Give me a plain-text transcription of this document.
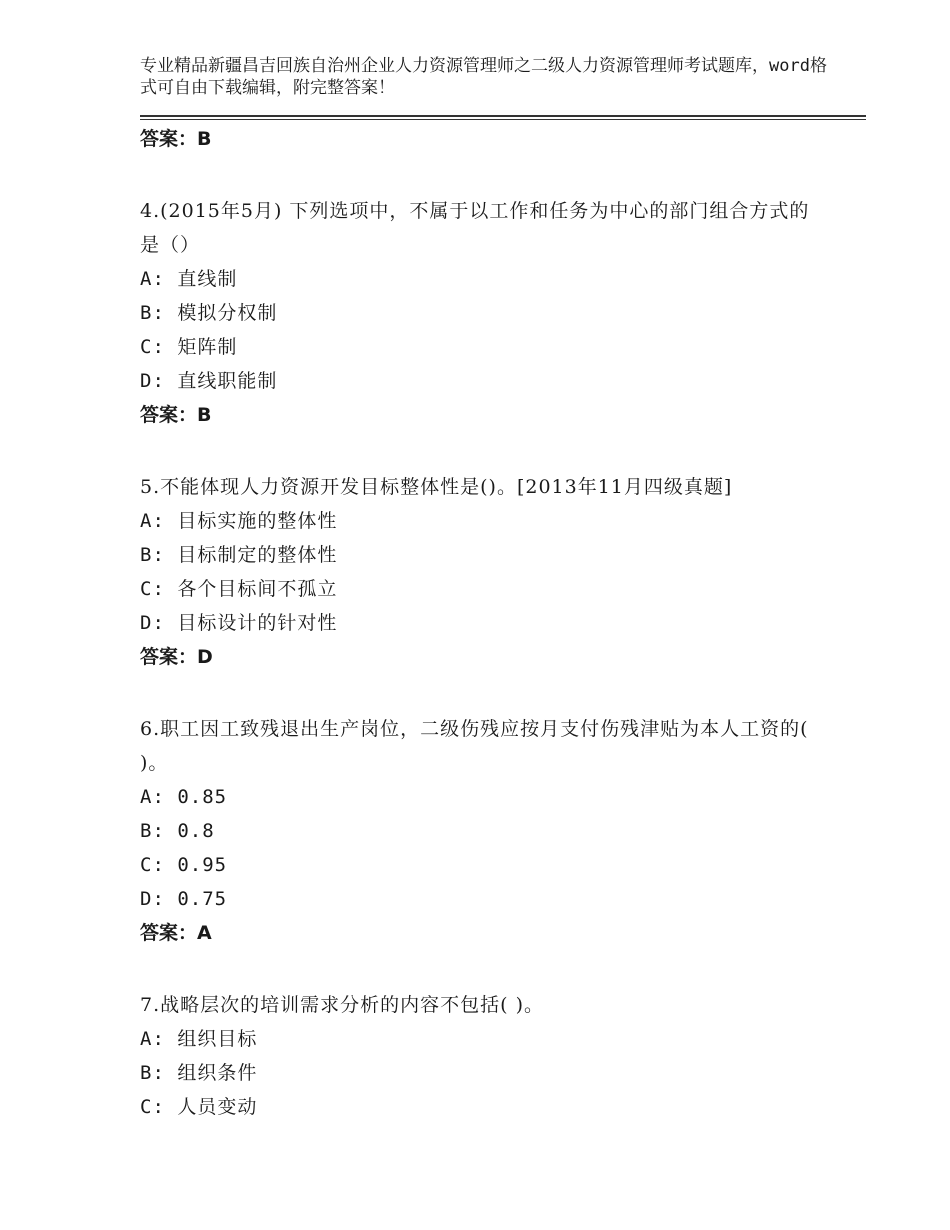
专业精品新疆昌吉回族自治州企业人力资源管理师之二级人力资源管理师考试题库，word格式可自由下载编辑，附完整答案！
答案：B
4.(2015年5月) 下列选项中，不属于以工作和任务为中心的部门组合方式的是（）
A: 直线制
B: 模拟分权制
C: 矩阵制
D: 直线职能制
答案：B
5.不能体现人力资源开发目标整体性是()。[2013年11月四级真题]
A: 目标实施的整体性
B: 目标制定的整体性
C: 各个目标间不孤立
D: 目标设计的针对性
答案：D
6.职工因工致残退出生产岗位，二级伤残应按月支付伤残津贴为本人工资的( )。
A: 0.85
B: 0.8
C: 0.95
D: 0.75
答案：A
7.战略层次的培训需求分析的内容不包括( )。
A: 组织目标
B: 组织条件
C: 人员变动
